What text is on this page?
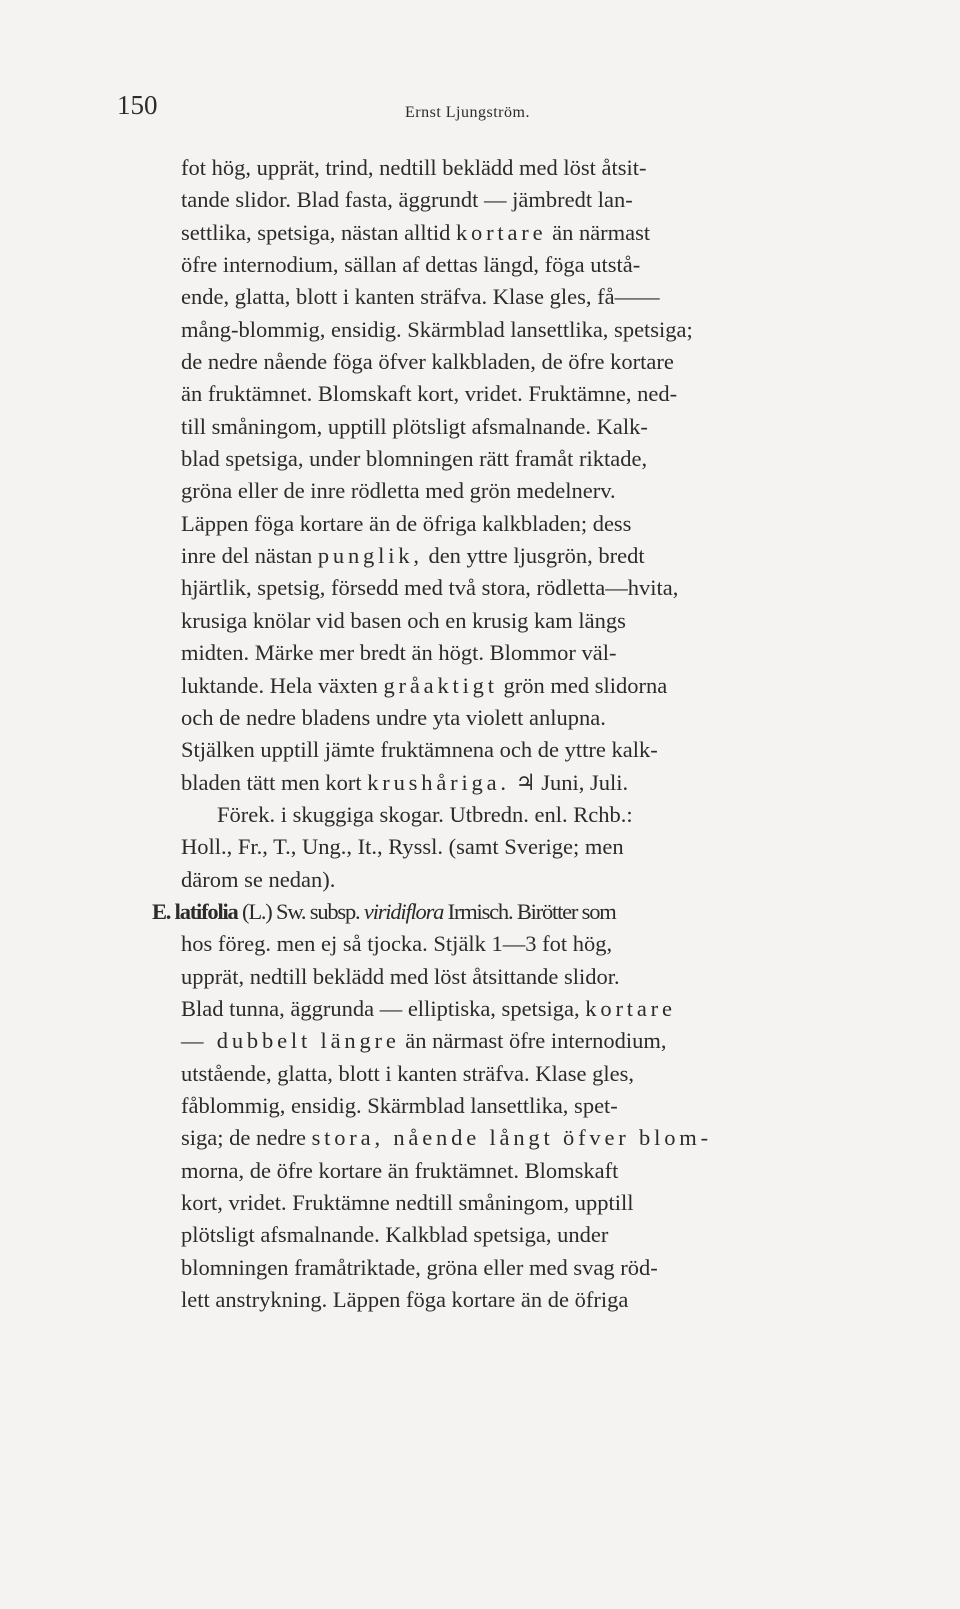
150	Ernst Ljungström.
fot hög, upprät, trind, nedtill beklädd med löst åtsit-
tande slidor. Blad fasta, äggrundt — jämbredt lan-
settlika, spetsiga, nästan alltid kortare än närmast
öfre internodium, sällan af dettas längd, föga utstå-
ende, glatta, blott i kanten sträfva. Klase gles, få——
mång-blommig, ensidig. Skärmblad lansettlika, spetsiga;
de nedre nående föga öfver kalkbladen, de öfre kortare
än fruktämnet. Blomskaft kort, vridet. Fruktämne, ned-
till småningom, upptill plötsligt afsmalnande. Kalk-
blad spetsiga, under blomningen rätt framåt riktade,
gröna eller de inre rödletta med grön medelnerv.
Läppen föga kortare än de öfriga kalkbladen; dess
inre del nästan punglik, den yttre ljusgrön, bredt
hjärtlik, spetsig, försedd med två stora, rödletta—hvita,
krusiga knölar vid basen och en krusig kam längs
midten. Märke mer bredt än högt. Blommor väl-
luktande. Hela växten gråaktigt grön med slidorna
och de nedre bladens undre yta violett anlupna.
Stjälken upptill jämte fruktämnena och de yttre kalk-
bladen tätt men kort krushåriga. ♃ Juni, Juli.
Förek. i skuggiga skogar. Utbredn. enl. Rchb.:
Holl., Fr., T., Ung., It., Ryssl. (samt Sverige; men
därom se nedan).
E. latifolia (L.) Sw. subsp. viridiflora Irmisch. Birötter som
hos föreg. men ej så tjocka. Stjälk 1—3 fot hög,
upprät, nedtill beklädd med löst åtsittande slidor.
Blad tunna, äggrunda — elliptiska, spetsiga, kortare
— dubbelt längre än närmast öfre internodium,
utstående, glatta, blott i kanten sträfva. Klase gles,
fåblommig, ensidig. Skärmblad lansettlika, spet-
siga; de nedre stora, nående långt öfver blom-
morna, de öfre kortare än fruktämnet. Blomskaft
kort, vridet. Fruktämne nedtill småningom, upptill
plötsligt afsmalnande. Kalkblad spetsiga, under
blomningen framåtriktade, gröna eller med svag röd-
lett anstrykning. Läppen föga kortare än de öfriga
